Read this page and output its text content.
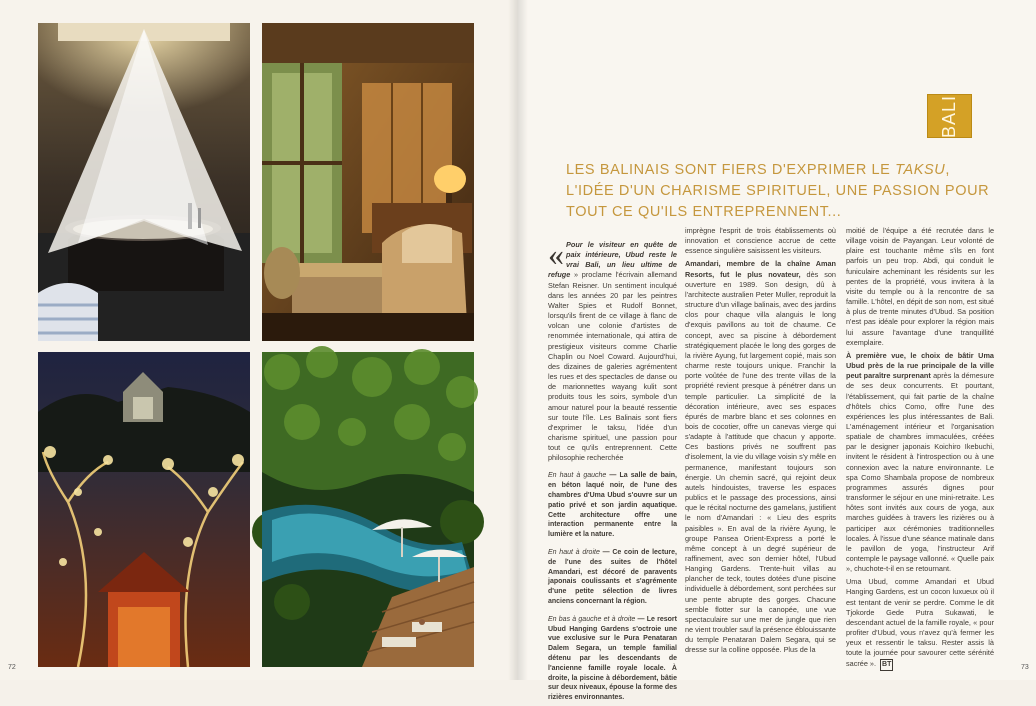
BALI
LES BALINAIS SONT FIERS D'EXPRIMER LE TAKSU, L'IDÉE D'UN CHARISME SPIRITUEL, UNE PASSION POUR TOUT CE QU'ILS ENTREPRENNENT...

« Pour le visiteur en quête de paix intérieure, Ubud reste le vrai Bali, un lieu ultime de refuge » proclame l'écrivain allemand Stefan Reisner. Un sentiment inculqué dans les années 20 par les peintres Walter Spies et Rudolf Bonnet, lorsqu'ils firent de ce village à flanc de volcan une colonie d'artistes de renommée internationale, qui attira de prestigieux visiteurs comme Charlie Chaplin ou Noel Coward. Aujourd'hui, des dizaines de galeries agrémentent les rues et des spectacles de danse ou de marionnettes wayang kulit sont produits tous les soirs, symbole d'un amour naturel pour la beauté ressentie sur toute l'île. Les Balinais sont fiers d'exprimer le taksu, l'idée d'un charisme spirituel, une passion pour tout ce qu'ils entreprennent. Cette philosophie recherchée

En haut à gauche — La salle de bain, en béton laqué noir, de l'une des chambres d'Uma Ubud s'ouvre sur un patio privé et son jardin aquatique. Cette architecture offre une interaction permanente entre la lumière et la nature.

En haut à droite — Ce coin de lecture, de l'une des suites de l'hôtel Amandari, est décoré de paravents japonais coulissants et s'agrémente d'une petite sélection de livres anciens concernant la région.

En bas à gauche et à droite — Le resort Ubud Hanging Gardens s'octroie une vue exclusive sur le Pura Penataran Dalem Segara, un temple familial détenu par les descendants de l'ancienne famille royale locale. À droite, la piscine à débordement, bâtie sur deux niveaux, épouse la forme des rizières environnantes.

imprègne l'esprit de trois établissements où innovation et conscience accrue de cette essence singulière saisissent les visiteurs.

Amandari, membre de la chaîne Aman Resorts, fut le plus novateur, dès son ouverture en 1989. Son design, dû à l'architecte australien Peter Muller, reproduit la structure d'un village balinais, avec des jardins clos pour chaque villa alanguis le long d'exquis pavillons au toit de chaume. Ce concept, avec sa piscine à débordement stratégiquement placée le long des gorges de la rivière Ayung, fut largement copié, mais son charme reste toujours unique. Franchir la porte voûtée de l'une des trente villas de la propriété revient presque à pénétrer dans un temple particulier. La simplicité de la décoration intérieure, avec ses espaces épurés de marbre blanc et ses colonnes en bois de cocotier, offre un canevas vierge qui s'adapte à l'attitude que chacun y apporte. Ces bastions privés ne souffrent pas d'isolement, la vie du village voisin s'y mêle en permanence, manifestant toujours son énergie. Un chemin sacré, qui rejoint deux autels hindouistes, traverse les espaces publics et le passage des processions, ainsi que le récital nocturne des gamelans, justifient le nom d'Amandari : « Lieu des esprits paisibles ». En aval de la rivière Ayung, le groupe Pansea Orient-Express a porté le même concept à un degré supérieur de raffinement, avec son dernier hôtel, l'Ubud Hanging Gardens. Trente-huit villas au plancher de teck, toutes dotées d'une piscine individuelle à débordement, sont perchées sur une pente abrupte des gorges. Chacune semble flotter sur la canopée, une vue spectaculaire sur une mer de jungle que rien ne vient troubler sauf la présence éblouissante du temple Penataran Dalem Segara, qui se dresse sur la colline opposée. Plus de la

moitié de l'équipe a été recrutée dans le village voisin de Payangan. Leur volonté de plaire est touchante même s'ils en font parfois un peu trop. Abdi, qui conduit le funiculaire acheminant les résidents sur les pentes de la propriété, vous invitera à la visite du temple ou à la rencontre de sa famille. L'hôtel, en dépit de son nom, est situé à plus de trente minutes d'Ubud. Sa position n'est pas idéale pour explorer la région mais lui assure l'avantage d'une tranquillité exemplaire.

À première vue, le choix de bâtir Uma Ubud près de la rue principale de la ville peut paraître surprenant après la démesure de ses deux concurrents. Et pourtant, l'établissement, qui fait partie de la chaîne d'hôtels chics Como, offre l'une des expériences les plus intéressantes de Bali. L'aménagement intérieur et l'organisation spatiale de chambres immaculées, créées par le designer japonais Koichiro Ikebuchi, invitent le résident à l'introspection ou à une connexion avec la nature environnante. Le spa Como Shambala propose de nombreux programmes assurés dignes pour transformer le séjour en une mini-retraite. Les hôtes sont invités aux cours de yoga, aux marches guidées à travers les rizières ou à participer aux cérémonies traditionnelles locales. À l'issue d'une séance matinale dans le pavillon de yoga, l'instructeur Arif contemple le paysage vallonné. « Quelle paix », chuchote-t-il en se retournant.

Uma Ubud, comme Amandari et Ubud Hanging Gardens, est un cocon luxueux où il est tentant de venir se perdre. Comme le dit Tjokorde Gede Putra Sukawati, le descendant actuel de la famille royale, « pour profiter d'Ubud, vous n'avez qu'à fermer les yeux et ressentir le taksu. Rester assis là toute la journée pour savourer cette sérénité sacrée ». BT

72	73
